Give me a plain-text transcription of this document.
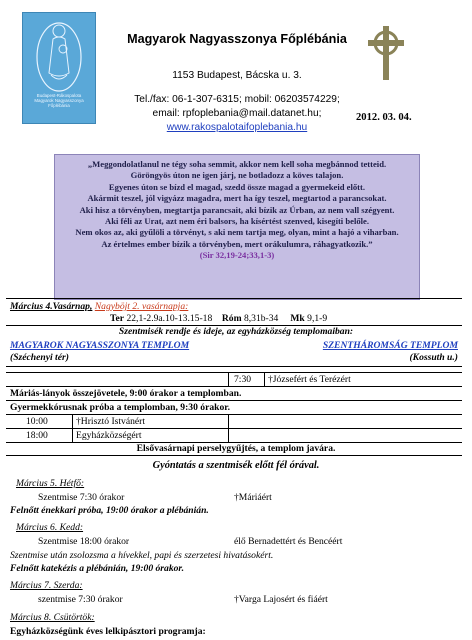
Budapest-Rákospalota
Magyarok Nagyasszonya
Főplébánia
Magyarok Nagyasszonya Főplébánia
1153 Budapest, Bácska u. 3.
Tel./fax: 06-1-307-6315; mobil: 06203574229;
email: rpfoplebania@mail.datanet.hu;
www.rakospalotaifoplebania.hu
2012. 03. 04.
„Meggondolatlanul ne tégy soha semmit, akkor nem kell soha megbánnod tetteid.
Göröngyös úton ne igen járj, ne botladozz a köves talajon.
Egyenes úton se bízd el magad, szedd össze magad a gyermekeid előtt.
Akármit teszel, jól vigyázz magadra, mert ha így teszel, megtartod a parancsokat.
Aki hisz a törvényben, megtartja parancsait, aki bízik az Úrban, az nem vall szégyent.
Aki féli az Urat, azt nem éri balsors, ha kísértést szenved, kisegíti belőle.
Nem okos az, aki gyűlöli a törvényt, s aki nem tartja meg, olyan, mint a hajó a viharban.
Az értelmes ember bízik a törvényben, mert orákulumra, ráhagyatkozik.”
(Sir 32,19-24;33,1-3)
Március 4.Vasárnap, Nagyböjt 2. vasárnapja:
Ter 22,1-2.9a.10-13.15-18 Róm 8,31b-34 Mk 9,1-9
Szentmisék rendje és ideje, az egyházközség templomaiban:
MAGYAROK NAGYASSZONYA TEMPLOM	SZENTHÁROMSÁG TEMPLOM
(Széchenyi tér)	(Kossuth u.)
7:30 †Józsefért és Terézért
Máriás-lányok összejövetele, 9:00 órakor a templomban.
Gyermekkórusnak próba a templomban, 9:30 órakor.
10:00	†Hrisztó Istvánért
18:00	Egyházközségért
Elsővasárnapi perselygyűjtés, a templom javára.
Gyóntatás a szentmisék előtt fél órával.
Március 5. Hétfő:
Szentmise 7:30 órakor	†Máriáért
Felnőtt énekkari próba, 19:00 órakor a plébánián.
Március 6. Kedd:
Szentmise 18:00 órakor	élő Bernadettért és Bencéért
Szentmise után zsolozsma a hívekkel, papi és szerzetesi hivatásokért.
Felnőtt katekézis a plébánián, 19:00 órakor.
Március 7. Szerda:
szentmise 7:30 órakor	†Varga Lajosért és fiáért
Március 8. Csütörtök:
Egyházközségünk éves lelkipásztori programja:
